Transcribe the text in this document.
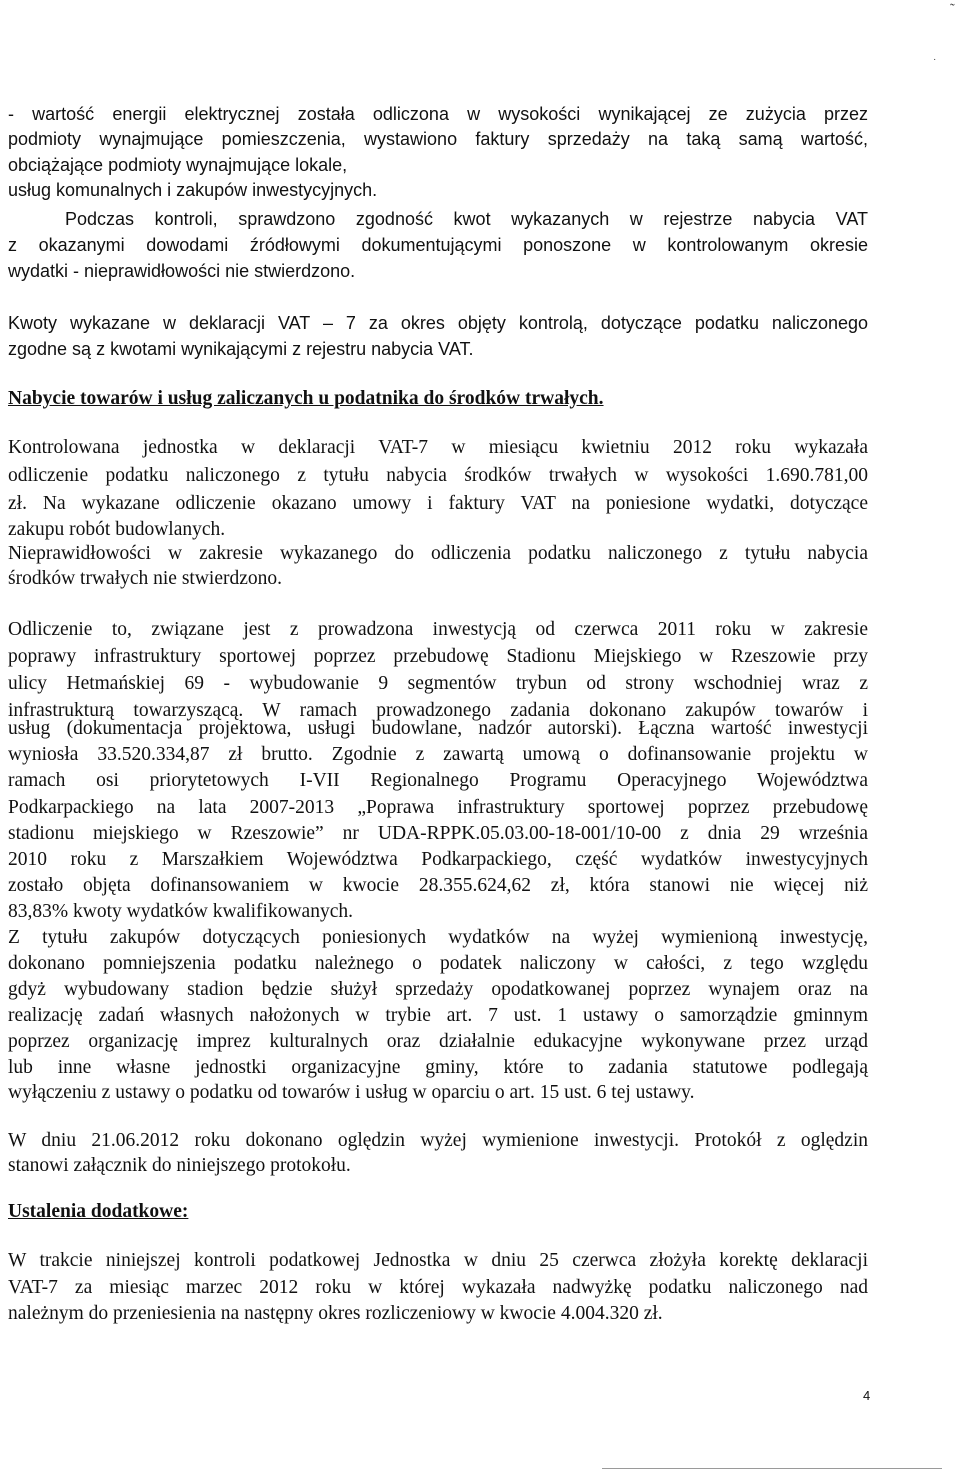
˜
˙
- wartość energii elektrycznej została odliczona w wysokości wynikającej ze zużycia przez
podmioty wynajmujące pomieszczenia, wystawiono faktury sprzedaży na taką samą wartość,
obciążające podmioty wynajmujące lokale,
usług komunalnych i zakupów inwestycyjnych.
Podczas kontroli, sprawdzono zgodność kwot wykazanych w rejestrze nabycia VAT
z okazanymi dowodami źródłowymi dokumentującymi ponoszone w kontrolowanym okresie
wydatki - nieprawidłowości nie stwierdzono.
Kwoty wykazane w deklaracji VAT – 7 za okres objęty kontrolą, dotyczące podatku naliczonego
zgodne są z kwotami wynikającymi z rejestru nabycia VAT.
Nabycie towarów i usług zaliczanych u podatnika do środków trwałych.
Kontrolowana jednostka w deklaracji VAT-7 w miesiącu kwietniu 2012 roku wykazała
odliczenie podatku naliczonego z tytułu nabycia środków trwałych w wysokości 1.690.781,00
zł. Na wykazane odliczenie okazano umowy i faktury VAT na poniesione wydatki, dotyczące
zakupu robót budowlanych.
Nieprawidłowości w zakresie wykazanego do odliczenia podatku naliczonego z tytułu nabycia
środków trwałych nie stwierdzono.
Odliczenie to, związane jest z prowadzona inwestycją od czerwca 2011 roku w zakresie
poprawy infrastruktury sportowej poprzez przebudowę Stadionu Miejskiego w Rzeszowie przy
ulicy Hetmańskiej 69 - wybudowanie 9 segmentów trybun od strony wschodniej wraz z
infrastrukturą towarzyszącą. W ramach prowadzonego zadania dokonano zakupów towarów i
usług (dokumentacja projektowa, usługi budowlane, nadzór autorski). Łączna wartość inwestycji
wyniosła 33.520.334,87 zł brutto. Zgodnie z zawartą umową o dofinansowanie projektu w
ramach osi priorytetowych I-VII Regionalnego Programu Operacyjnego Województwa
Podkarpackiego na lata 2007-2013 „Poprawa infrastruktury sportowej poprzez przebudowę
stadionu miejskiego w Rzeszowie” nr UDA-RPPK.05.03.00-18-001/10-00 z dnia 29 września
2010 roku z Marszałkiem Województwa Podkarpackiego, część wydatków inwestycyjnych
zostało objęta dofinansowaniem w kwocie 28.355.624,62 zł, która stanowi nie więcej niż
83,83% kwoty wydatków kwalifikowanych.
Z tytułu zakupów dotyczących poniesionych wydatków na wyżej wymienioną inwestycję,
dokonano pomniejszenia podatku należnego o podatek naliczony w całości, z tego względu
gdyż wybudowany stadion będzie służył sprzedaży opodatkowanej poprzez wynajem oraz na
realizację zadań własnych nałożonych w trybie art. 7 ust. 1 ustawy o samorządzie gminnym
poprzez organizację imprez kulturalnych oraz działalnie edukacyjne wykonywane przez urząd
lub inne własne jednostki organizacyjne gminy, które to zadania statutowe podlegają
wyłączeniu z ustawy o podatku od towarów i usług w oparciu o art. 15 ust. 6 tej ustawy.
W dniu 21.06.2012 roku dokonano oględzin wyżej wymienione inwestycji. Protokół z oględzin
stanowi załącznik do niniejszego protokołu.
Ustalenia dodatkowe:
W trakcie niniejszej kontroli podatkowej Jednostka w dniu 25 czerwca złożyła korektę deklaracji
VAT-7 za miesiąc marzec 2012 roku w której wykazała nadwyżkę podatku naliczonego nad
należnym do przeniesienia na następny okres rozliczeniowy w kwocie 4.004.320 zł.
4
